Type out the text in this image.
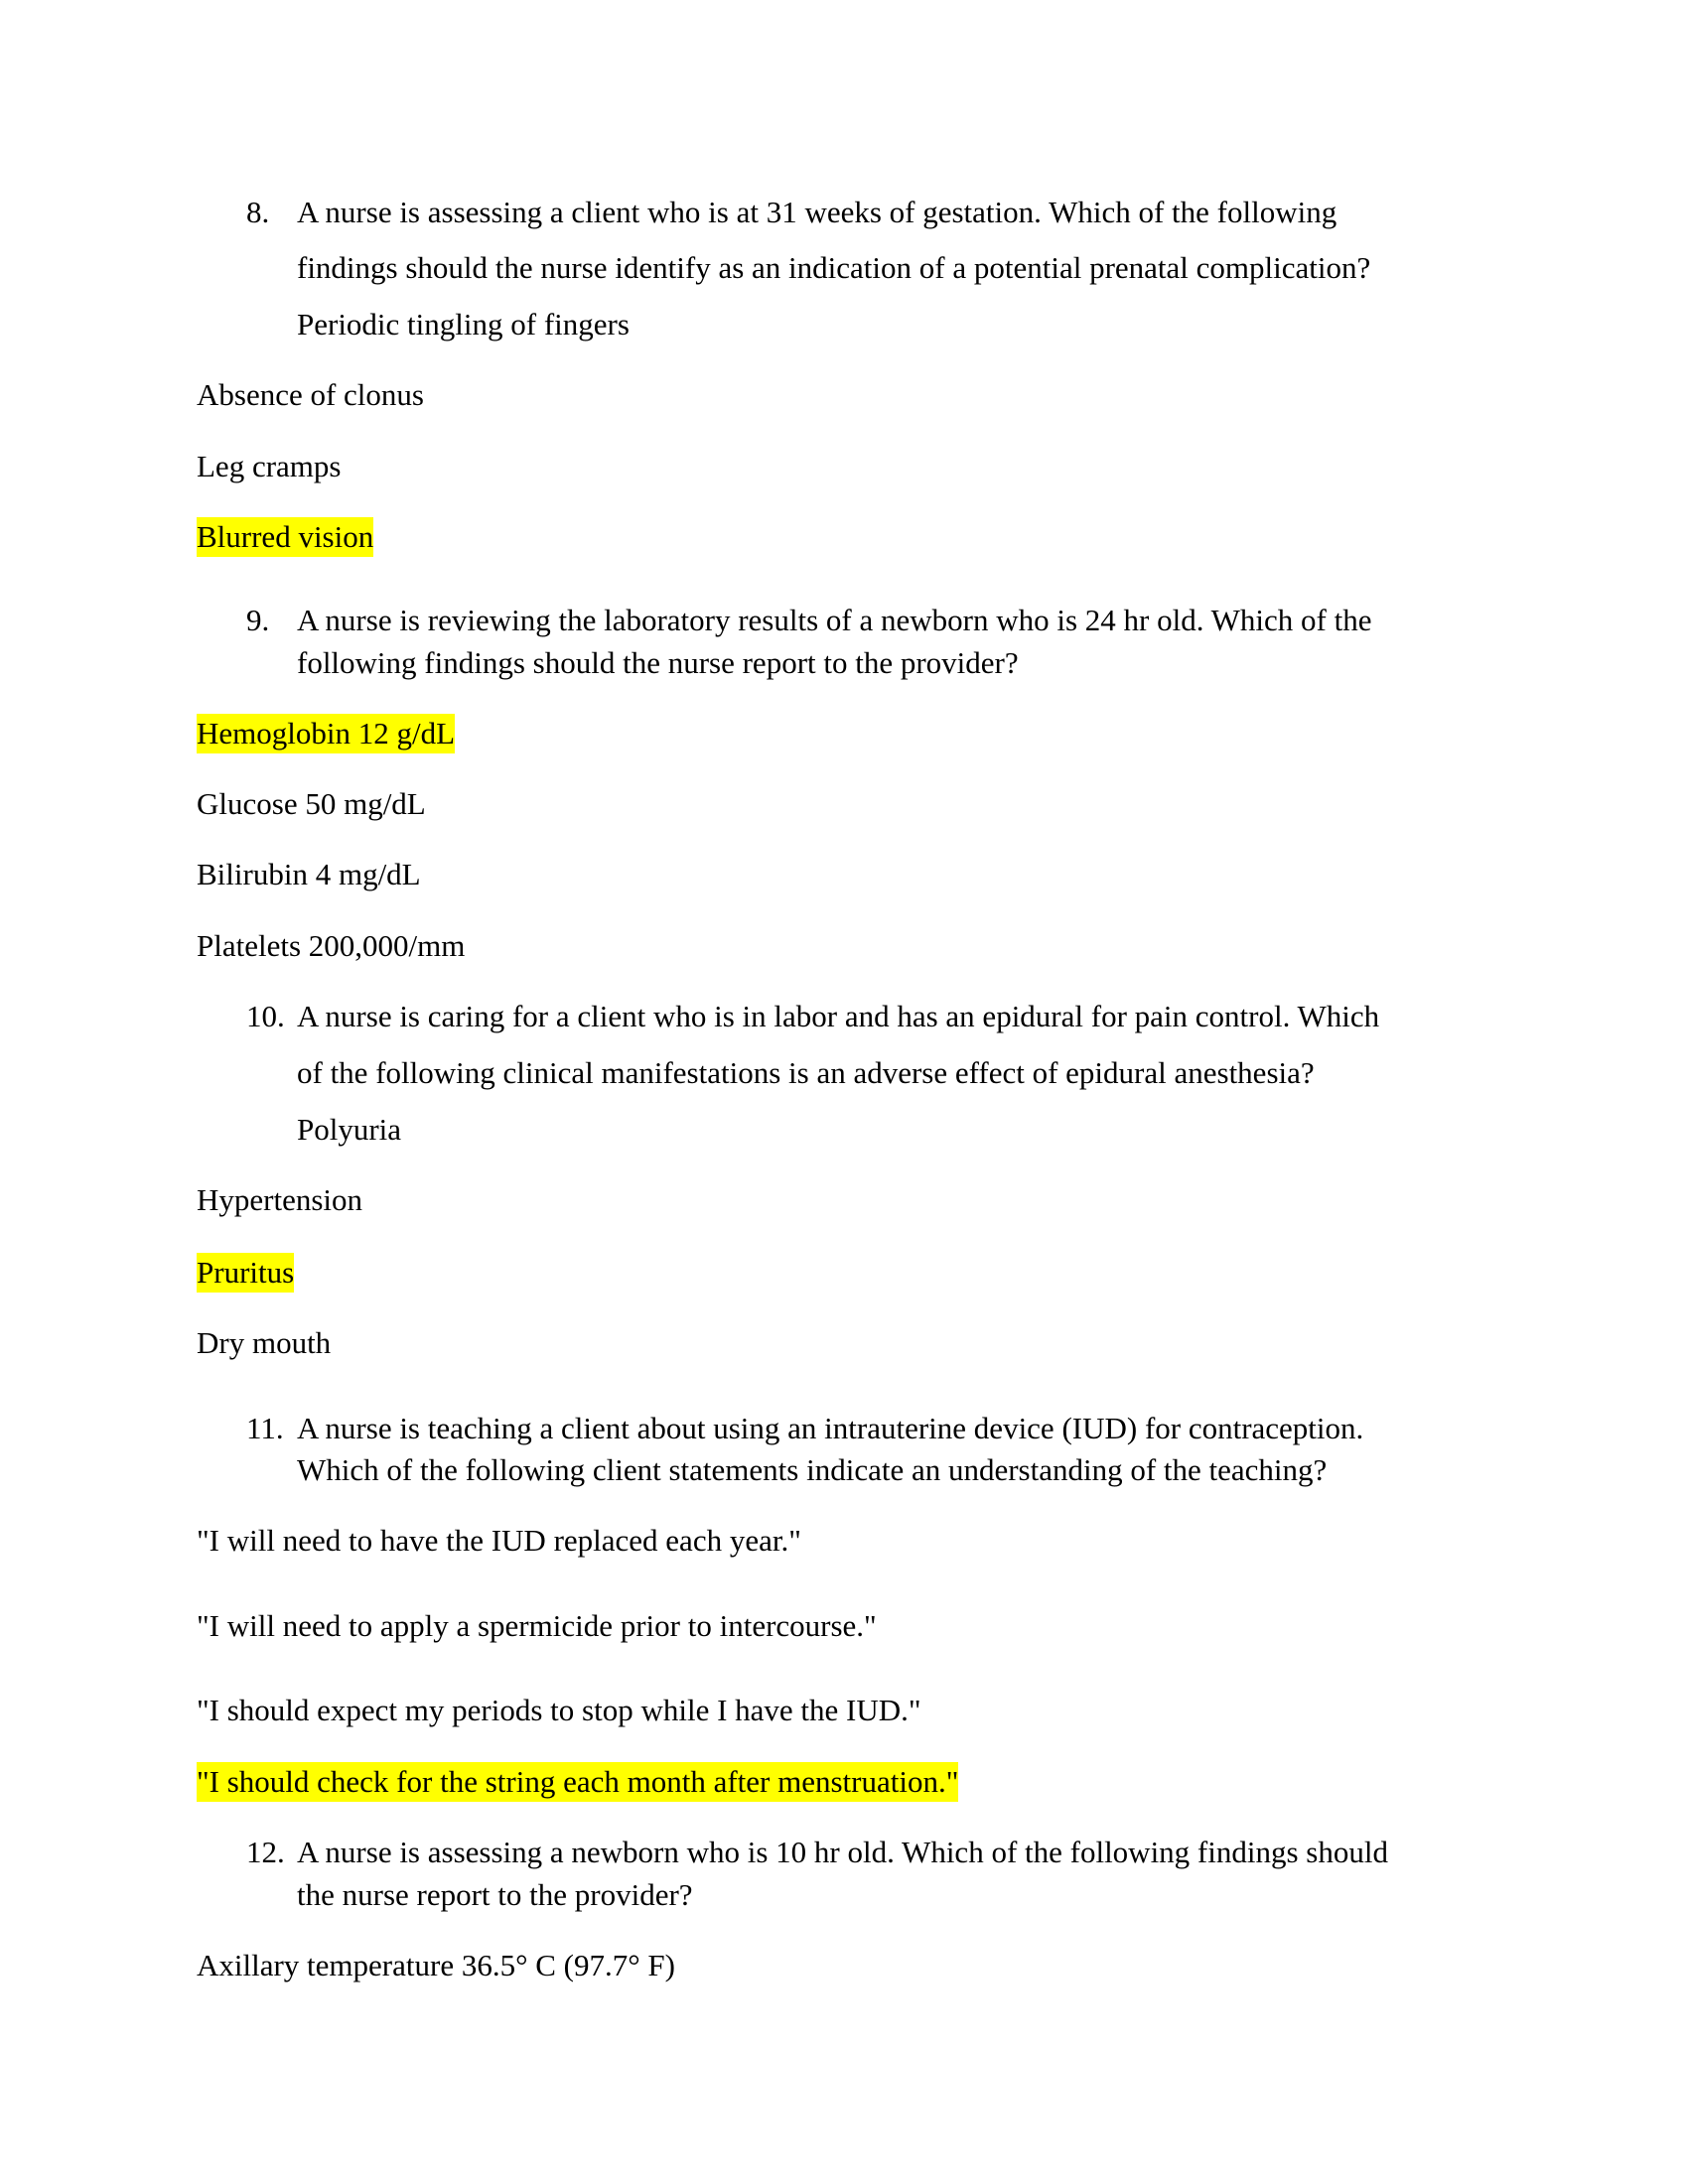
8. A nurse is assessing a client who is at 31 weeks of gestation. Which of the following
findings should the nurse identify as an indication of a potential prenatal complication?
Periodic tingling of fingers
Absence of clonus
Leg cramps
Blurred vision
9. A nurse is reviewing the laboratory results of a newborn who is 24 hr old. Which of the
following findings should the nurse report to the provider?
Hemoglobin 12 g/dL
Glucose 50 mg/dL
Bilirubin 4 mg/dL
Platelets 200,000/mm
10. A nurse is caring for a client who is in labor and has an epidural for pain control. Which
of the following clinical manifestations is an adverse effect of epidural anesthesia?
Polyuria
Hypertension
Pruritus
Dry mouth
11. A nurse is teaching a client about using an intrauterine device (IUD) for contraception.
Which of the following client statements indicate an understanding of the teaching?
"I will need to have the IUD replaced each year."
"I will need to apply a spermicide prior to intercourse."
"I should expect my periods to stop while I have the IUD."
"I should check for the string each month after menstruation."
12. A nurse is assessing a newborn who is 10 hr old. Which of the following findings should
the nurse report to the provider?
Axillary temperature 36.5° C (97.7° F)
